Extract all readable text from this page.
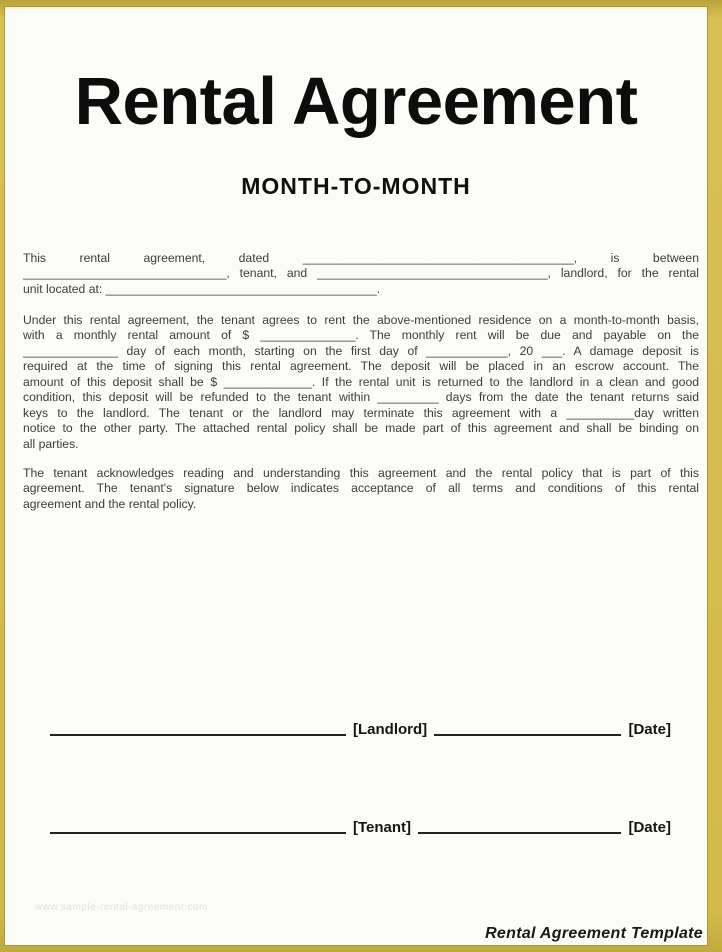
Rental Agreement
MONTH-TO-MONTH
This rental agreement, dated ________________________________________, is between
______________________________, tenant, and __________________________________, landlord, for the rental
unit located at: ________________________________________.
Under this rental agreement, the tenant agrees to rent the above-mentioned residence on a month-to-month basis,
with a monthly rental amount of $ ______________. The monthly rent will be due and payable on the
______________ day of each month, starting on the first day of ____________, 20 ___. A damage deposit is
required at the time of signing this rental agreement. The deposit will be placed in an escrow account. The
amount of this deposit shall be $ _____________. If the rental unit is returned to the landlord in a clean and good
condition, this deposit will be refunded to the tenant within _________ days from the date the tenant returns said
keys to the landlord. The tenant or the landlord may terminate this agreement with a __________day written
notice to the other party. The attached rental policy shall be made part of this agreement and shall be binding on
all parties.
The tenant acknowledges reading and understanding this agreement and the rental policy that is part of this
agreement. The tenant's signature below indicates acceptance of all terms and conditions of this rental
agreement and the rental policy.
[Landlord]	[Date]
[Tenant]	[Date]
www.sample-rental-agreement.com
Rental Agreement Template
